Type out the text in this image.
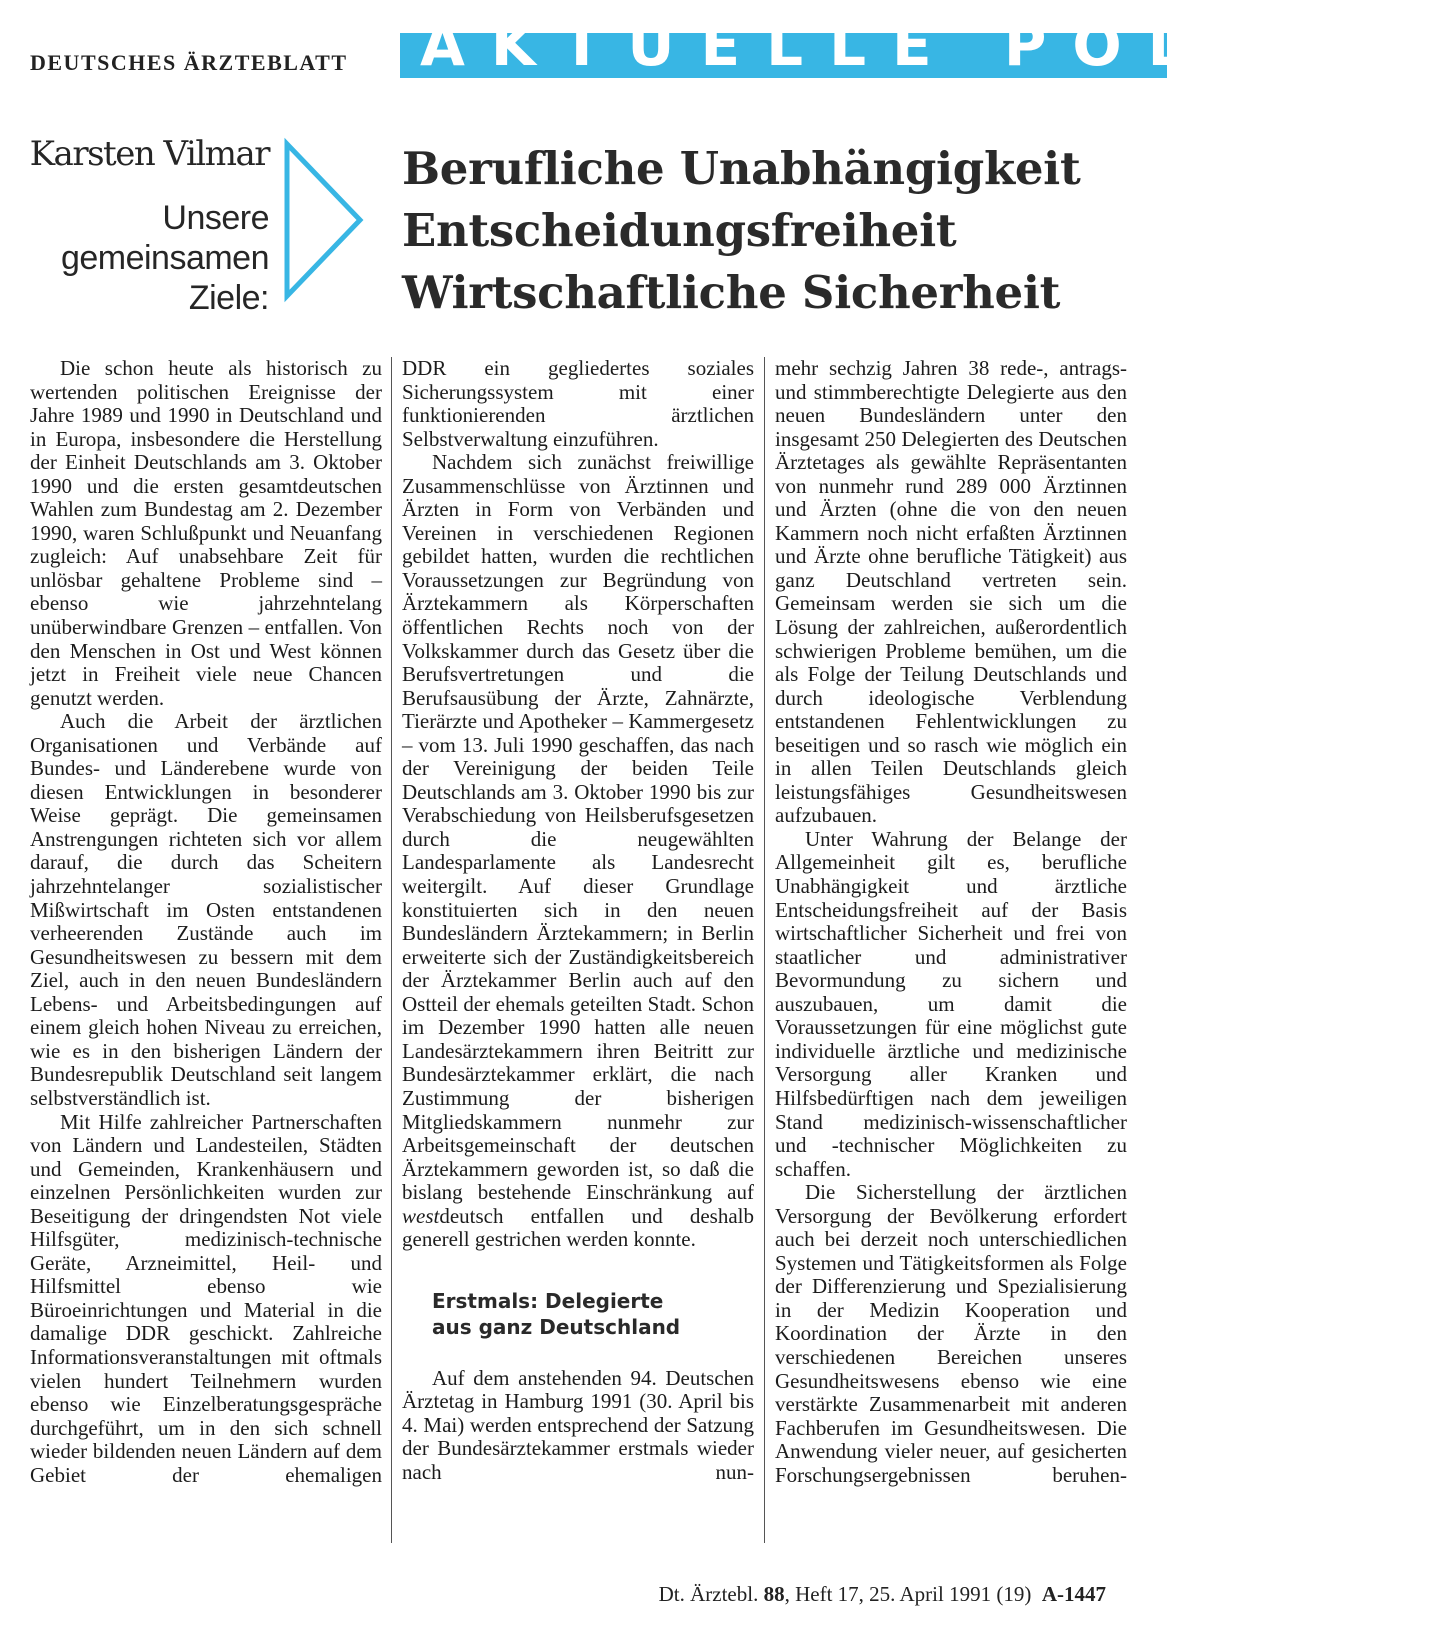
DEUTSCHES ÄRZTEBLATT	AKTUELLE POLITIK
Karsten Vilmar
Unsere
gemeinsamen
Ziele:
Berufliche Unabhängigkeit
Entscheidungsfreiheit
Wirtschaftliche Sicherheit

Die schon heute als historisch zu wertenden politischen Ereignisse der Jahre 1989 und 1990 in Deutschland und in Europa, insbesondere die Herstellung der Einheit Deutschlands am 3. Oktober 1990 und die ersten gesamtdeutschen Wahlen zum Bundestag am 2. Dezember 1990, waren Schlußpunkt und Neuanfang zugleich: Auf unabsehbare Zeit für unlösbar gehaltene Probleme sind – ebenso wie jahrzehntelang unüberwindbare Grenzen – entfallen. Von den Menschen in Ost und West können jetzt in Freiheit viele neue Chancen genutzt werden.

Auch die Arbeit der ärztlichen Organisationen und Verbände auf Bundes- und Länderebene wurde von diesen Entwicklungen in besonderer Weise geprägt. Die gemeinsamen Anstrengungen richteten sich vor allem darauf, die durch das Scheitern jahrzehntelanger sozialistischer Mißwirtschaft im Osten entstandenen verheerenden Zustände auch im Gesundheitswesen zu bessern mit dem Ziel, auch in den neuen Bundesländern Lebens- und Arbeitsbedingungen auf einem gleich hohen Niveau zu erreichen, wie es in den bisherigen Ländern der Bundesrepublik Deutschland seit langem selbstverständlich ist.

Mit Hilfe zahlreicher Partnerschaften von Ländern und Landesteilen, Städten und Gemeinden, Krankenhäusern und einzelnen Persönlichkeiten wurden zur Beseitigung der dringendsten Not viele Hilfsgüter, medizinisch-technische Geräte, Arzneimittel, Heil- und Hilfsmittel ebenso wie Büroeinrichtungen und Material in die damalige DDR geschickt. Zahlreiche Informationsveranstaltungen mit oftmals vielen hundert Teilnehmern wurden ebenso wie Einzelberatungsgespräche durchgeführt, um in den sich schnell wieder bildenden neuen Ländern auf dem Gebiet der ehemaligen

DDR ein gegliedertes soziales Sicherungssystem mit einer funktionierenden ärztlichen Selbstverwaltung einzuführen.

Nachdem sich zunächst freiwillige Zusammenschlüsse von Ärztinnen und Ärzten in Form von Verbänden und Vereinen in verschiedenen Regionen gebildet hatten, wurden die rechtlichen Voraussetzungen zur Begründung von Ärztekammern als Körperschaften öffentlichen Rechts noch von der Volkskammer durch das Gesetz über die Berufsvertretungen und die Berufsausübung der Ärzte, Zahnärzte, Tierärzte und Apotheker – Kammergesetz – vom 13. Juli 1990 geschaffen, das nach der Vereinigung der beiden Teile Deutschlands am 3. Oktober 1990 bis zur Verabschiedung von Heilsberufsgesetzen durch die neugewählten Landesparlamente als Landesrecht weitergilt. Auf dieser Grundlage konstituierten sich in den neuen Bundesländern Ärztekammern; in Berlin erweiterte sich der Zuständigkeitsbereich der Ärztekammer Berlin auch auf den Ostteil der ehemals geteilten Stadt. Schon im Dezember 1990 hatten alle neuen Landesärztekammern ihren Beitritt zur Bundesärztekammer erklärt, die nach Zustimmung der bisherigen Mitgliedskammern nunmehr zur Arbeitsgemeinschaft der deutschen Ärztekammern geworden ist, so daß die bislang bestehende Einschränkung auf westdeutsch entfallen und deshalb generell gestrichen werden konnte.

Erstmals: Delegierte
aus ganz Deutschland

Auf dem anstehenden 94. Deutschen Ärztetag in Hamburg 1991 (30. April bis 4. Mai) werden entsprechend der Satzung der Bundesärztekammer erstmals wieder nach nun-

mehr sechzig Jahren 38 rede-, antrags- und stimmberechtigte Delegierte aus den neuen Bundesländern unter den insgesamt 250 Delegierten des Deutschen Ärztetages als gewählte Repräsentanten von nunmehr rund 289 000 Ärztinnen und Ärzten (ohne die von den neuen Kammern noch nicht erfaßten Ärztinnen und Ärzte ohne berufliche Tätigkeit) aus ganz Deutschland vertreten sein. Gemeinsam werden sie sich um die Lösung der zahlreichen, außerordentlich schwierigen Probleme bemühen, um die als Folge der Teilung Deutschlands und durch ideologische Verblendung entstandenen Fehlentwicklungen zu beseitigen und so rasch wie möglich ein in allen Teilen Deutschlands gleich leistungsfähiges Gesundheitswesen aufzubauen.

Unter Wahrung der Belange der Allgemeinheit gilt es, berufliche Unabhängigkeit und ärztliche Entscheidungsfreiheit auf der Basis wirtschaftlicher Sicherheit und frei von staatlicher und administrativer Bevormundung zu sichern und auszubauen, um damit die Voraussetzungen für eine möglichst gute individuelle ärztliche und medizinische Versorgung aller Kranken und Hilfsbedürftigen nach dem jeweiligen Stand medizinisch-wissenschaftlicher und -technischer Möglichkeiten zu schaffen.

Die Sicherstellung der ärztlichen Versorgung der Bevölkerung erfordert auch bei derzeit noch unterschiedlichen Systemen und Tätigkeitsformen als Folge der Differenzierung und Spezialisierung in der Medizin Kooperation und Koordination der Ärzte in den verschiedenen Bereichen unseres Gesundheitswesens ebenso wie eine verstärkte Zusammenarbeit mit anderen Fachberufen im Gesundheitswesen. Die Anwendung vieler neuer, auf gesicherten Forschungsergebnissen beruhen-

Dt. Ärztebl. 88, Heft 17, 25. April 1991 (19) A-1447
